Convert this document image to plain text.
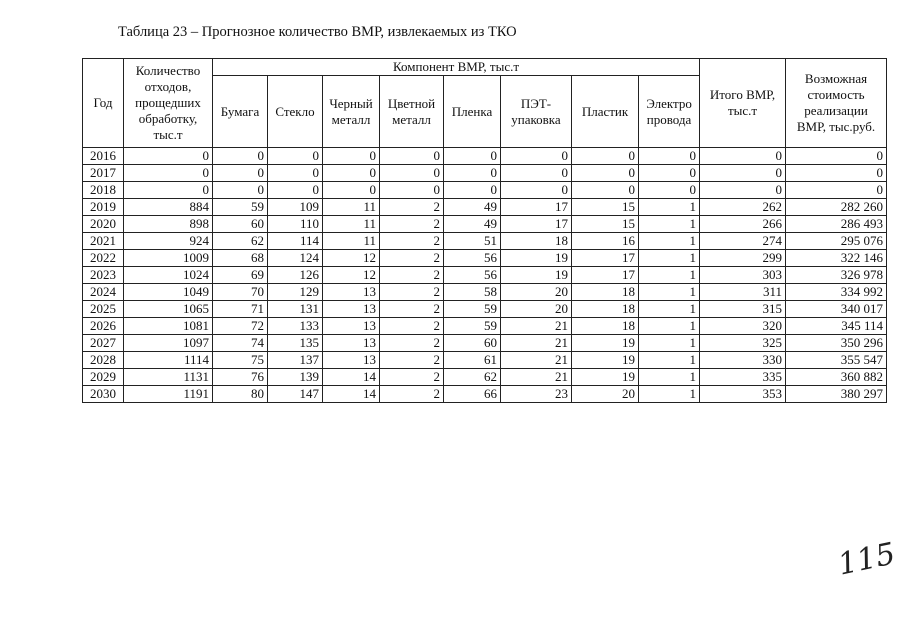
Таблица 23 – Прогнозное количество ВМР, извлекаемых из ТКО
Год	Количество отходов, прощедших обработку, тыс.т	Компонент ВМР, тыс.т								Итого ВМР, тыс.т	Возможная стоимость реализации ВМР, тыс.руб.
		Бумага	Стекло	Черный металл	Цветной металл	Пленка	ПЭТ-упаковка	Пластик	Электро провода		
2016	0	0	0	0	0	0	0	0	0	0	0
2017	0	0	0	0	0	0	0	0	0	0	0
2018	0	0	0	0	0	0	0	0	0	0	0
2019	884	59	109	11	2	49	17	15	1	262	282 260
2020	898	60	110	11	2	49	17	15	1	266	286 493
2021	924	62	114	11	2	51	18	16	1	274	295 076
2022	1009	68	124	12	2	56	19	17	1	299	322 146
2023	1024	69	126	12	2	56	19	17	1	303	326 978
2024	1049	70	129	13	2	58	20	18	1	311	334 992
2025	1065	71	131	13	2	59	20	18	1	315	340 017
2026	1081	72	133	13	2	59	21	18	1	320	345 114
2027	1097	74	135	13	2	60	21	19	1	325	350 296
2028	1114	75	137	13	2	61	21	19	1	330	355 547
2029	1131	76	139	14	2	62	21	19	1	335	360 882
2030	1191	80	147	14	2	66	23	20	1	353	380 297
115
